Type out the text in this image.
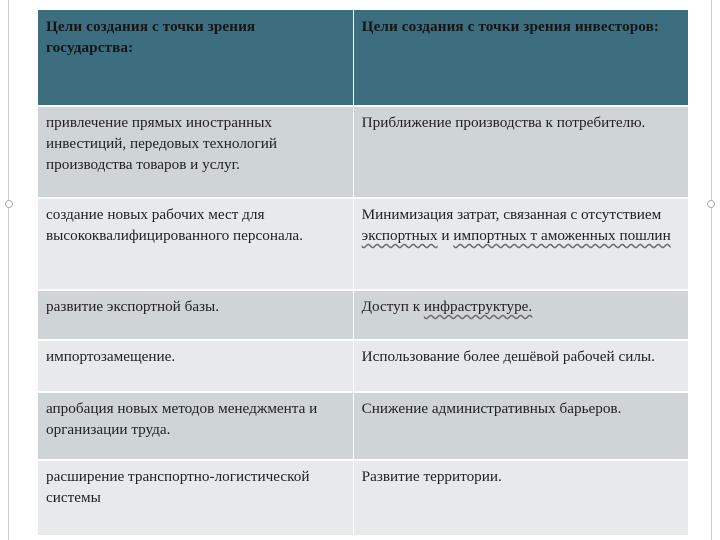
Цели создания с точки зрения государства:	Цели создания с точки зрения инвесторов:
привлечение прямых иностранных инвестиций, передовых технологий производства товаров и услуг.	Приближение производства к потребителю.
создание новых рабочих мест для высококвалифицированного персонала.	Минимизация затрат, связанная с отсутствием экспортных и импортных т аможенных пошлин
развитие экспортной базы.	Доступ к инфраструктуре.
импортозамещение.	Использование более дешёвой рабочей силы.
апробация новых методов менеджмента и организации труда.	Снижение административных барьеров.
расширение транспортно-логистической системы	Развитие территории.
